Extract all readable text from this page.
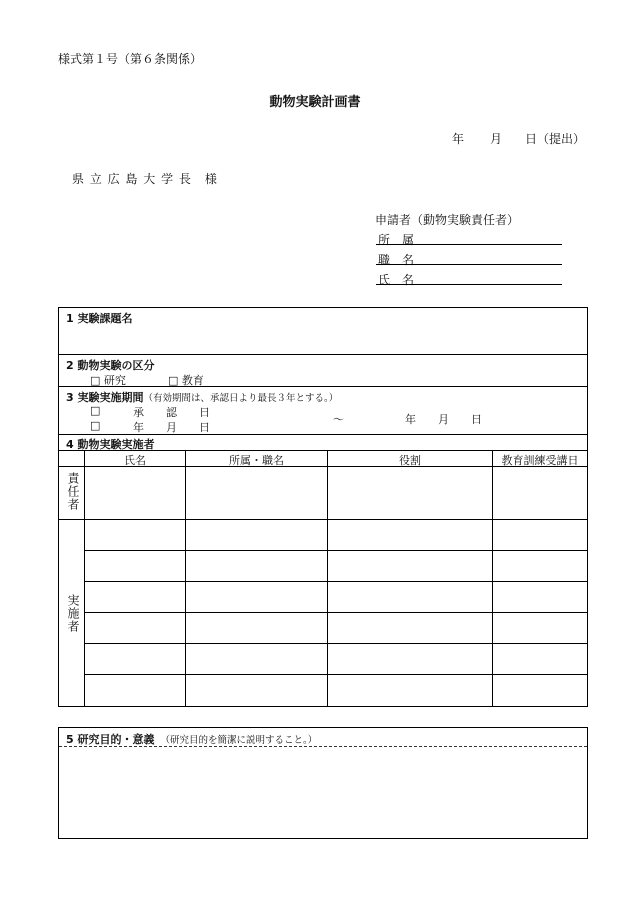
様式第１号（第６条関係）
動物実験計画書
年 月 日（提出）
県 立 広 島 大 学 長　様
申請者（動物実験責任者）
所　属
職　名
氏　名
1 実験課題名
2 動物実験の区分
□ 研究	□ 教育
3 実験実施期間（有効期間は、承認日より最長３年とする。）
□	承　　認　　日
□	年　　月　　日
～	年　　月　　日
4 動物実験実施者
氏名	所属・職名	役割	教育訓練受講日
責任者
実施者
5 研究目的・意義 （研究目的を簡潔に説明すること。）
